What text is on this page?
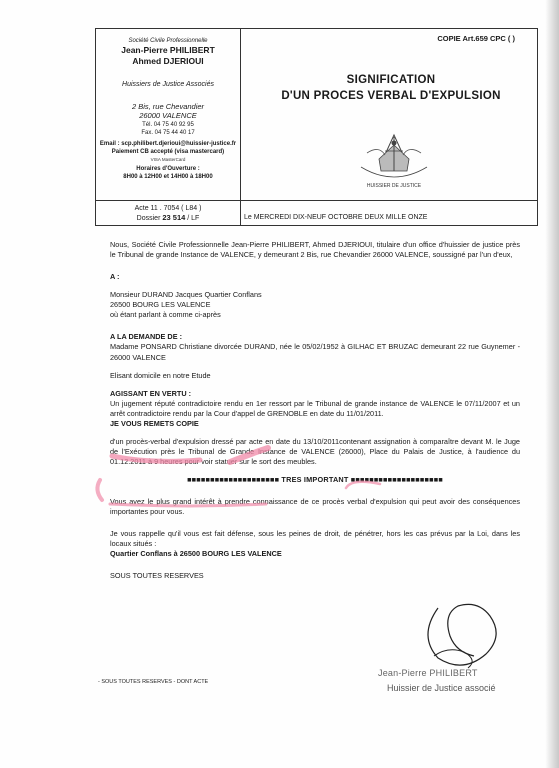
Société Civile Professionnelle
Jean-Pierre PHILIBERT
Ahmed DJERIOUI
Huissiers de Justice Associés
2 Bis, rue Chevandier
26000 VALENCE
Tél. 04 75 40 92 95
Fax. 04 75 44 40 17
Email : scp.philibert.djerioui@huissier-justice.fr
Paiement CB accepté (visa mastercard)
VISA MasterCard
Horaires d'Ouverture :
8H00 à 12H00 et 14H00 à 18H00
COPIE Art.659 CPC ( )
SIGNIFICATION
D'UN PROCES VERBAL D'EXPULSION
HUISSIER DE JUSTICE
Acte 11 . 7054 ( L84 )
Dossier 23 514 / LF	Le MERCREDI DIX-NEUF OCTOBRE DEUX MILLE ONZE

Nous, Société Civile Professionnelle Jean-Pierre PHILIBERT, Ahmed DJERIOUI, titulaire d'un office d'huissier de justice près le Tribunal de grande Instance de VALENCE, y demeurant 2 Bis, rue Chevandier 26000 VALENCE, soussigné par l'un d'eux,

A :

Monsieur DURAND Jacques Quartier Conflans

26500 BOURG LES VALENCE

où étant parlant à comme ci-après

A LA DEMANDE DE :

Madame PONSARD Christiane divorcée DURAND, née le 05/02/1952 à GILHAC ET BRUZAC demeurant 22 rue Guynemer - 26000 VALENCE

Elisant domicile en notre Etude

AGISSANT EN VERTU :

Un jugement réputé contradictoire rendu en 1er ressort par le Tribunal de grande instance de VALENCE le 07/11/2007 et un arrêt contradictoire rendu par la Cour d'appel de GRENOBLE en date du 11/01/2011.

JE VOUS REMETS COPIE

d'un procès-verbal d'expulsion dressé par acte en date du 13/10/2011contenant assignation à comparaître devant M. le Juge de l'Exécution près le Tribunal de Grande Instance de VALENCE (26000), Place du Palais de Justice, à l'audience du 01.12.2011 à 9 heures pour voir statuer sur le sort des meubles.

■■■■■■■■■■■■■■■■■■■■ TRES IMPORTANT ■■■■■■■■■■■■■■■■■■■■

Vous avez le plus grand intérêt à prendre connaissance de ce procès verbal d'expulsion qui peut avoir des conséquences importantes pour vous.

Je vous rappelle qu'il vous est fait défense, sous les peines de droit, de pénétrer, hors les cas prévus par la Loi, dans les locaux situés :

Quartier Conflans à 26500 BOURG LES VALENCE

SOUS TOUTES RESERVES

- SOUS TOUTES RESERVES - DONT ACTE
Jean-Pierre PHILIBERT
Huissier de Justice associé
